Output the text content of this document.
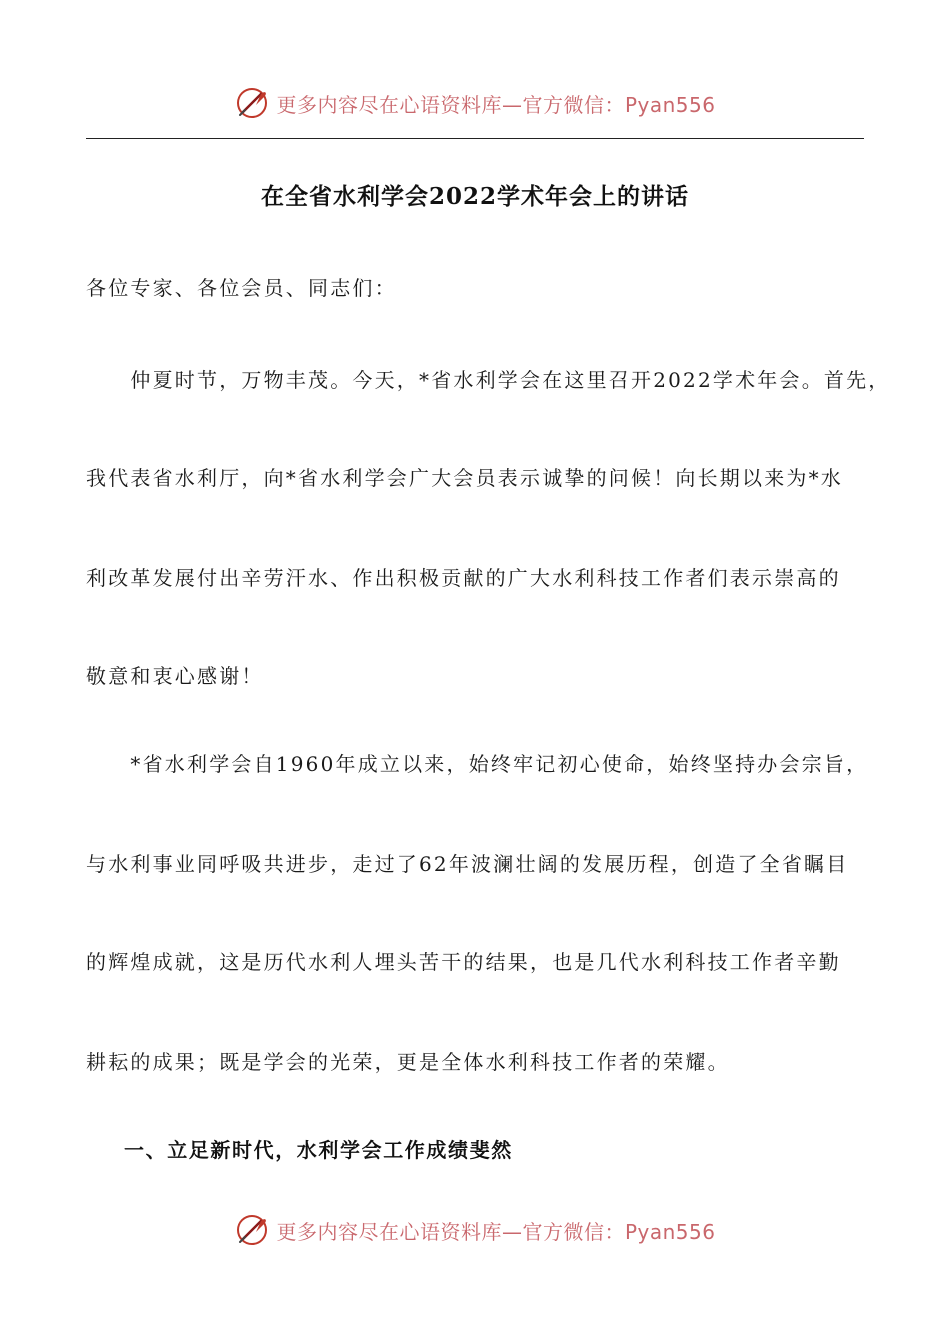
更多内容尽在心语资料库—官方微信：Pyan556
在全省水利学会2022学术年会上的讲话
各位专家、各位会员、同志们：
　　仲夏时节，万物丰茂。今天，*省水利学会在这里召开2022学术年会。首先，
我代表省水利厅，向*省水利学会广大会员表示诚挚的问候！向长期以来为*水
利改革发展付出辛劳汗水、作出积极贡献的广大水利科技工作者们表示崇高的
敬意和衷心感谢！
　　*省水利学会自1960年成立以来，始终牢记初心使命，始终坚持办会宗旨，
与水利事业同呼吸共进步，走过了62年波澜壮阔的发展历程，创造了全省瞩目
的辉煌成就，这是历代水利人埋头苦干的结果，也是几代水利科技工作者辛勤
耕耘的成果；既是学会的光荣，更是全体水利科技工作者的荣耀。
一、立足新时代，水利学会工作成绩斐然
更多内容尽在心语资料库—官方微信：Pyan556
